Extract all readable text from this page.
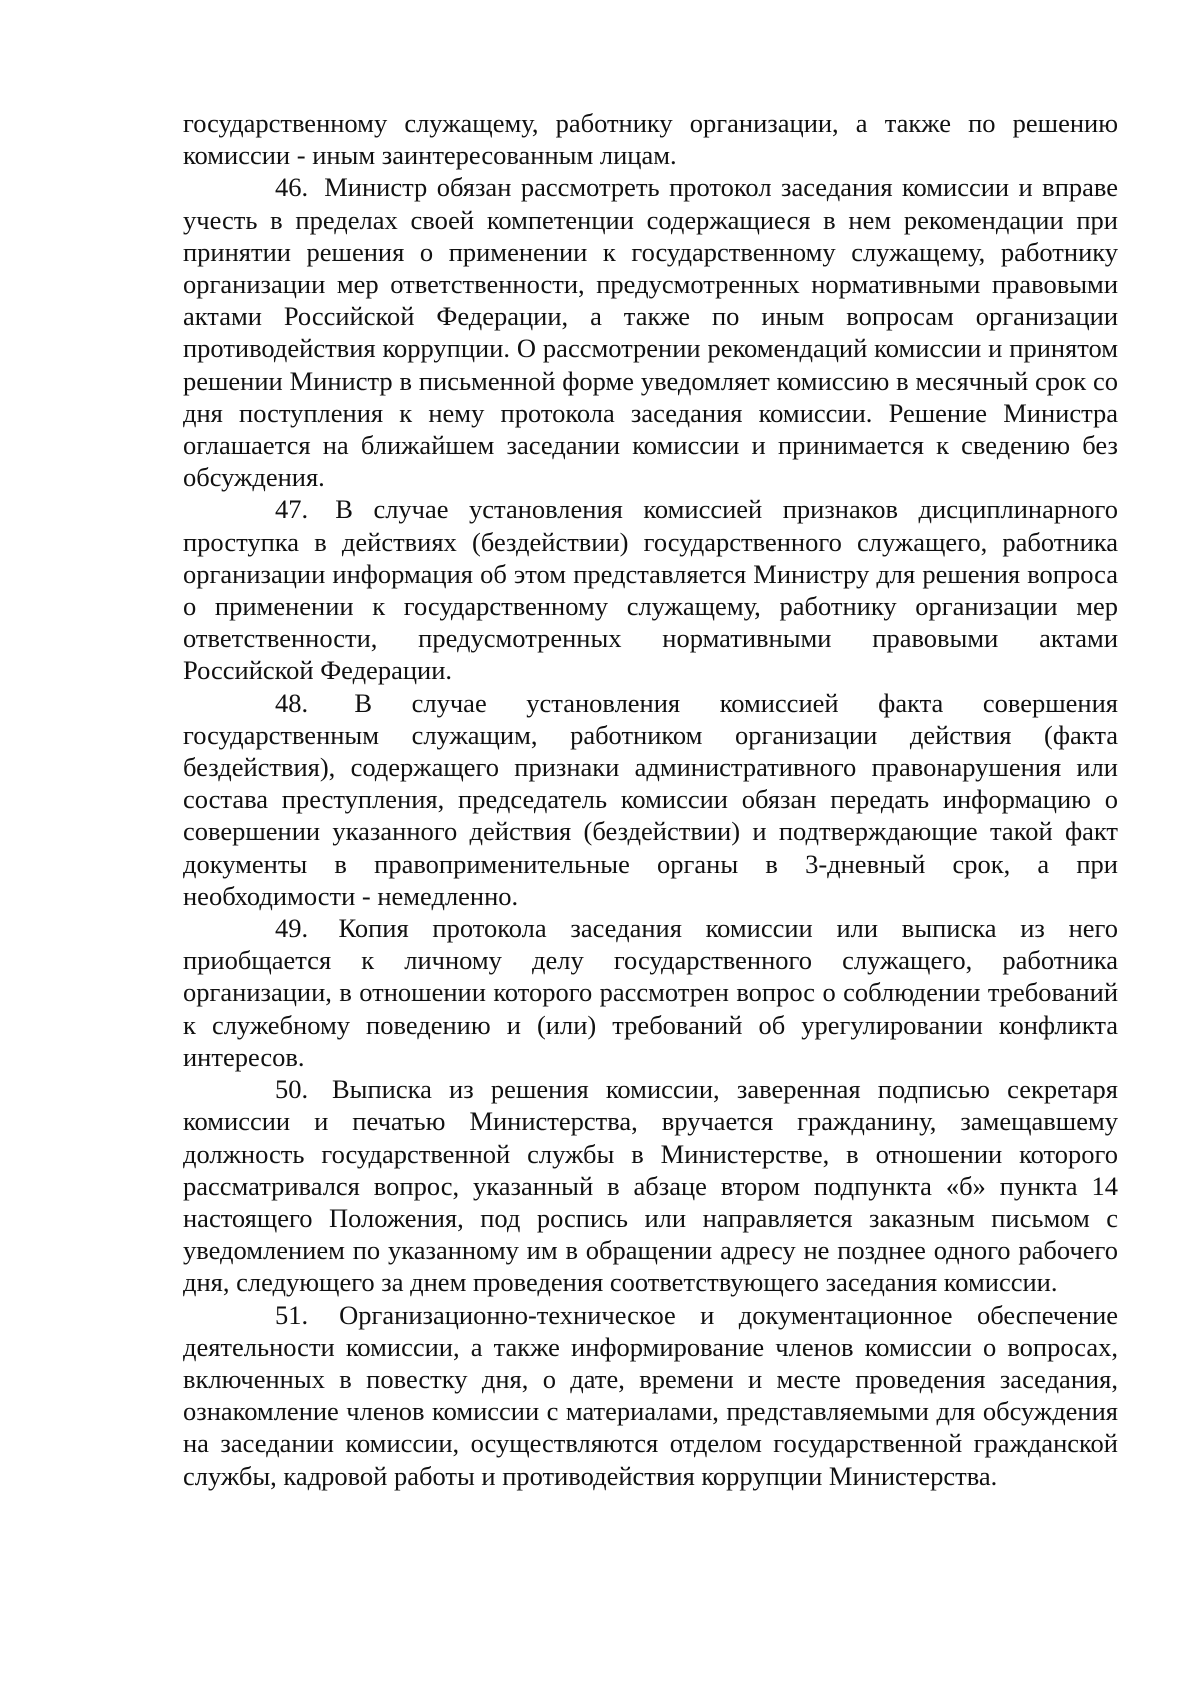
государственному служащему, работнику организации, а также по решению комиссии - иным заинтересованным лицам.

46. Министр обязан рассмотреть протокол заседания комиссии и вправе учесть в пределах своей компетенции содержащиеся в нем рекомендации при принятии решения о применении к государственному служащему, работнику организации мер ответственности, предусмотренных нормативными правовыми актами Российской Федерации, а также по иным вопросам организации противодействия коррупции. О рассмотрении рекомендаций комиссии и принятом решении Министр в письменной форме уведомляет комиссию в месячный срок со дня поступления к нему протокола заседания комиссии. Решение Министра оглашается на ближайшем заседании комиссии и принимается к сведению без обсуждения.

47. В случае установления комиссией признаков дисциплинарного проступка в действиях (бездействии) государственного служащего, работника организации информация об этом представляется Министру для решения вопроса о применении к государственному служащему, работнику организации мер ответственности, предусмотренных нормативными правовыми актами Российской Федерации.

48. В случае установления комиссией факта совершения государственным служащим, работником организации действия (факта бездействия), содержащего признаки административного правонарушения или состава преступления, председатель комиссии обязан передать информацию о совершении указанного действия (бездействии) и подтверждающие такой факт документы в правоприменительные органы в 3-дневный срок, а при необходимости - немедленно.

49. Копия протокола заседания комиссии или выписка из него приобщается к личному делу государственного служащего, работника организации, в отношении которого рассмотрен вопрос о соблюдении требований к служебному поведению и (или) требований об урегулировании конфликта интересов.

50. Выписка из решения комиссии, заверенная подписью секретаря комиссии и печатью Министерства, вручается гражданину, замещавшему должность государственной службы в Министерстве, в отношении которого рассматривался вопрос, указанный в абзаце втором подпункта «б» пункта 14 настоящего Положения, под роспись или направляется заказным письмом с уведомлением по указанному им в обращении адресу не позднее одного рабочего дня, следующего за днем проведения соответствующего заседания комиссии.

51. Организационно-техническое и документационное обеспечение деятельности комиссии, а также информирование членов комиссии о вопросах, включенных в повестку дня, о дате, времени и месте проведения заседания, ознакомление членов комиссии с материалами, представляемыми для обсуждения на заседании комиссии, осуществляются отделом государственной гражданской службы, кадровой работы и противодействия коррупции Министерства.
